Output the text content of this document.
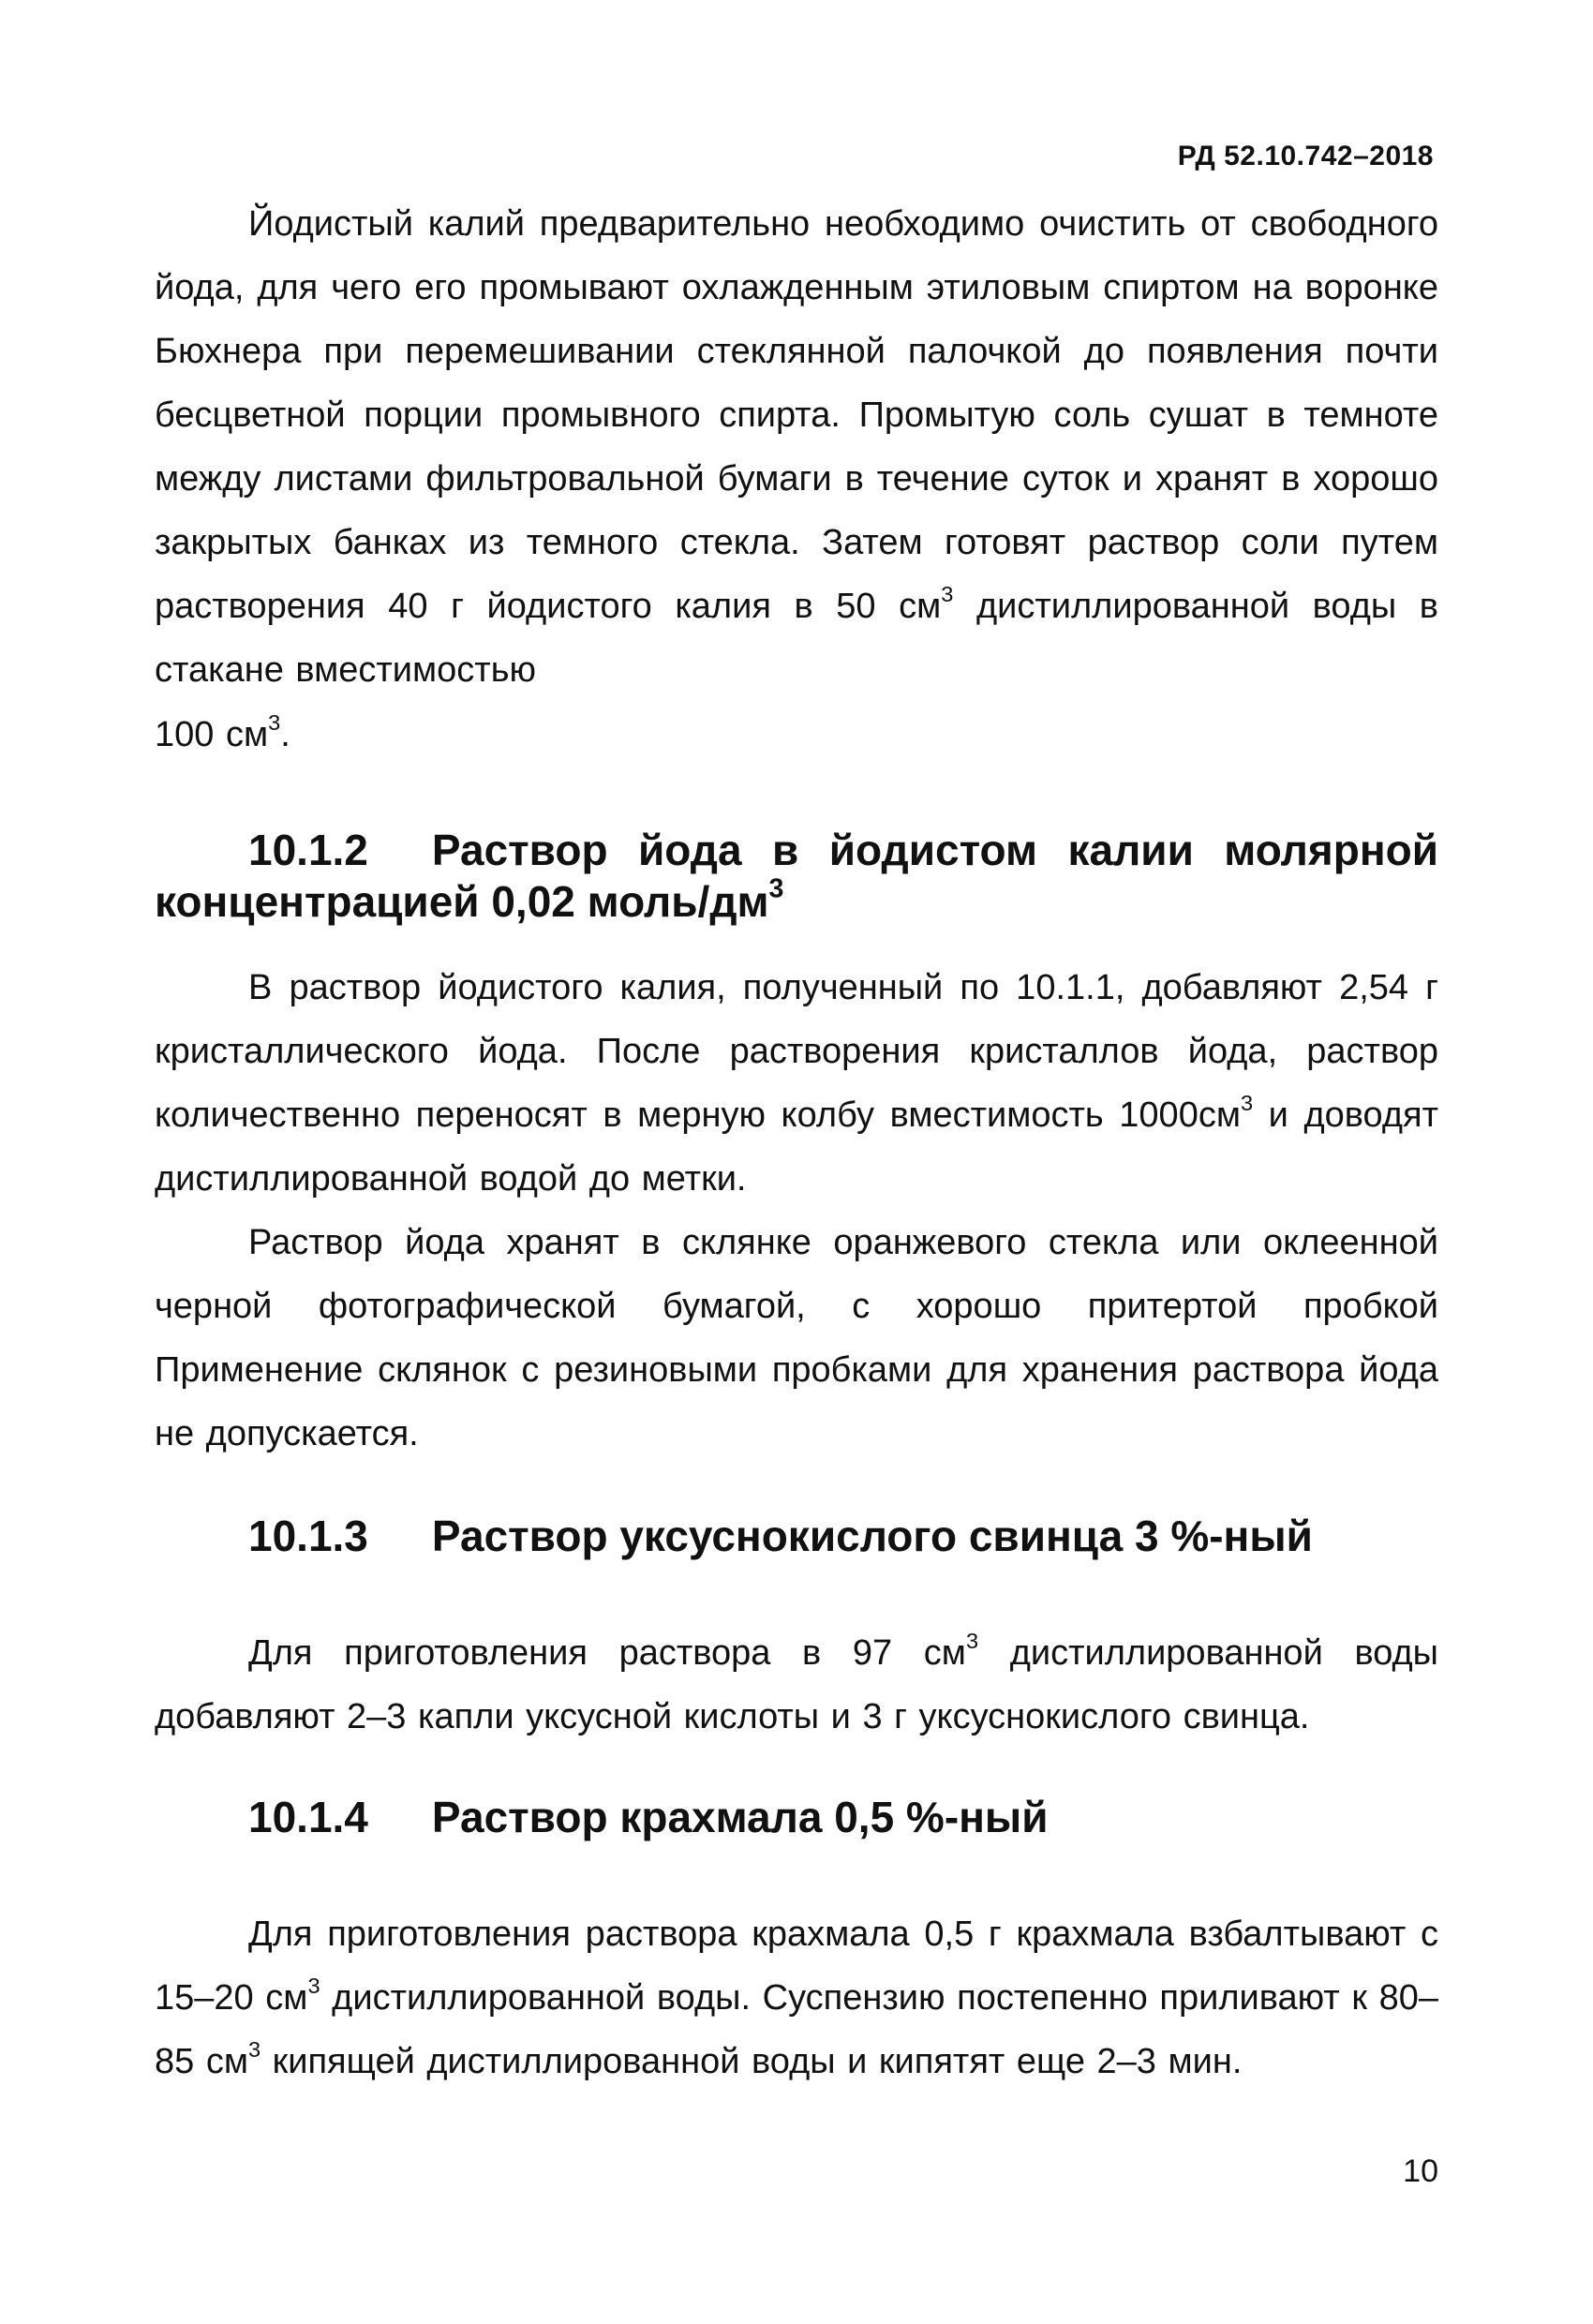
РД 52.10.742–2018
Йодистый калий предварительно необходимо очистить от свободного йода, для чего его промывают охлажденным этиловым спиртом на воронке Бюхнера при перемешивании стеклянной палочкой до появления почти бесцветной порции промывного спирта. Промытую соль сушат в темноте между листами фильтровальной бумаги в течение суток и хранят в хорошо закрытых банках из темного стекла. Затем готовят раствор соли путем растворения 40 г йодистого калия в 50 $см^3$ дистиллированной воды в стакане вместимостью
100 $см^3$.
10.1.2 Раствор йода в йодистом калии молярной концентрацией 0,02 моль/$дм^3$
В раствор йодистого калия, полученный по 10.1.1, добавляют 2,54 г кристаллического йода. После растворения кристаллов йода, раствор количественно переносят в мерную колбу вместимость $1000см^3$ и доводят дистиллированной водой до метки.
Раствор йода хранят в склянке оранжевого стекла или оклеенной черной фотографической бумагой, с хорошо притертой пробкой Применение склянок с резиновыми пробками для хранения раствора йода не допускается.
10.1.3 Раствор уксуснокислого свинца 3 %-ный
Для приготовления раствора в 97 $см^3$ дистиллированной воды добавляют 2–3 капли уксусной кислоты и 3 г уксуснокислого свинца.
10.1.4 Раствор крахмала 0,5 %-ный
Для приготовления раствора крахмала 0,5 г крахмала взбалтывают с 15–20 $см^3$ дистиллированной воды. Суспензию постепенно приливают к 80–85 $см^3$ кипящей дистиллированной воды и кипятят еще 2–3 мин.
10
